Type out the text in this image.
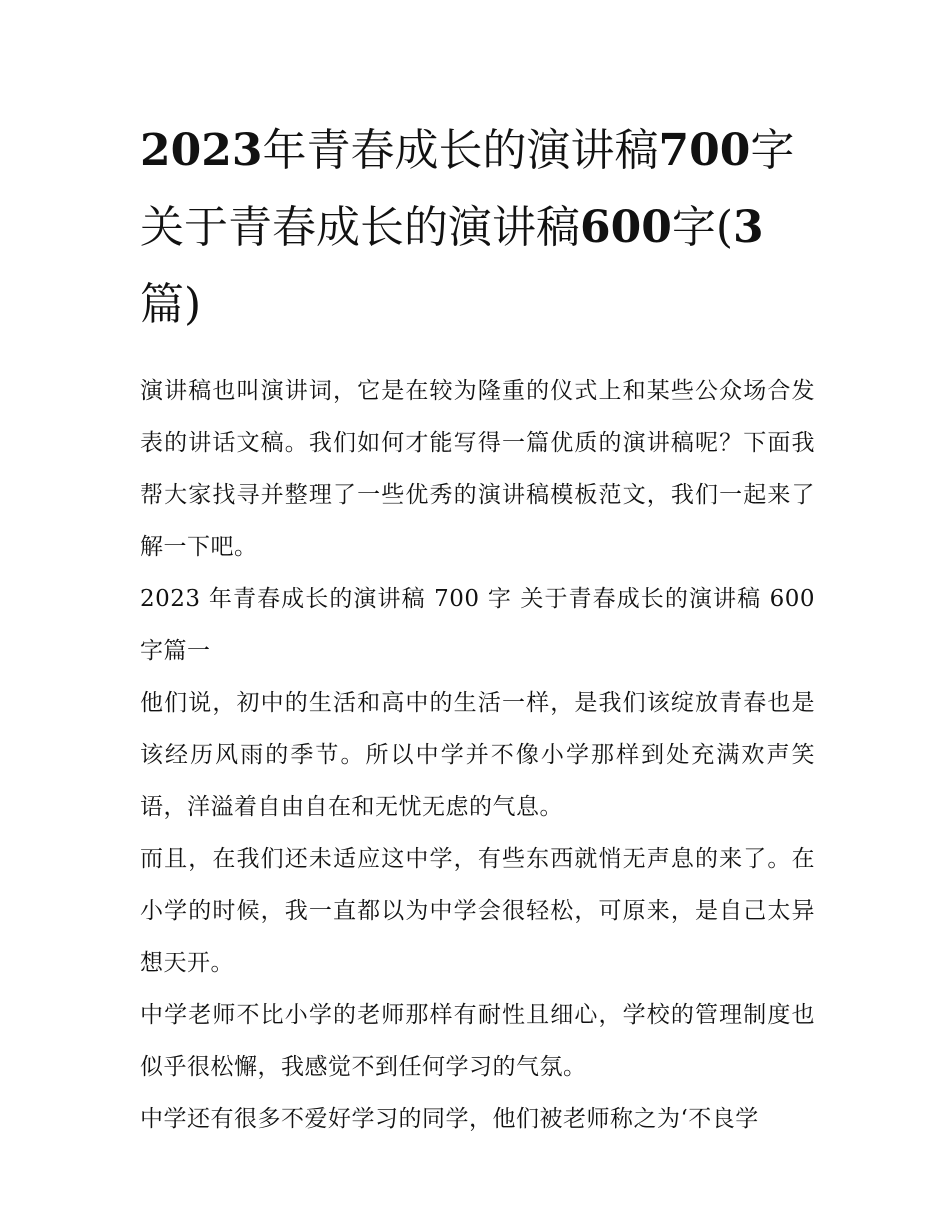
2023年青春成长的演讲稿700字 关于青春成长的演讲稿600字(3篇)

演讲稿也叫演讲词，它是在较为隆重的仪式上和某些公众场合发表的讲话文稿。我们如何才能写得一篇优质的演讲稿呢？下面我帮大家找寻并整理了一些优秀的演讲稿模板范文，我们一起来了解一下吧。

2023 年青春成长的演讲稿 700 字 关于青春成长的演讲稿 600 字篇一

他们说，初中的生活和高中的生活一样，是我们该绽放青春也是该经历风雨的季节。所以中学并不像小学那样到处充满欢声笑语，洋溢着自由自在和无忧无虑的气息。

而且，在我们还未适应这中学，有些东西就悄无声息的来了。在小学的时候，我一直都以为中学会很轻松，可原来，是自己太异想天开。

中学老师不比小学的老师那样有耐性且细心，学校的管理制度也似乎很松懈，我感觉不到任何学习的气氛。

中学还有很多不爱好学习的同学，他们被老师称之为‘不良学
